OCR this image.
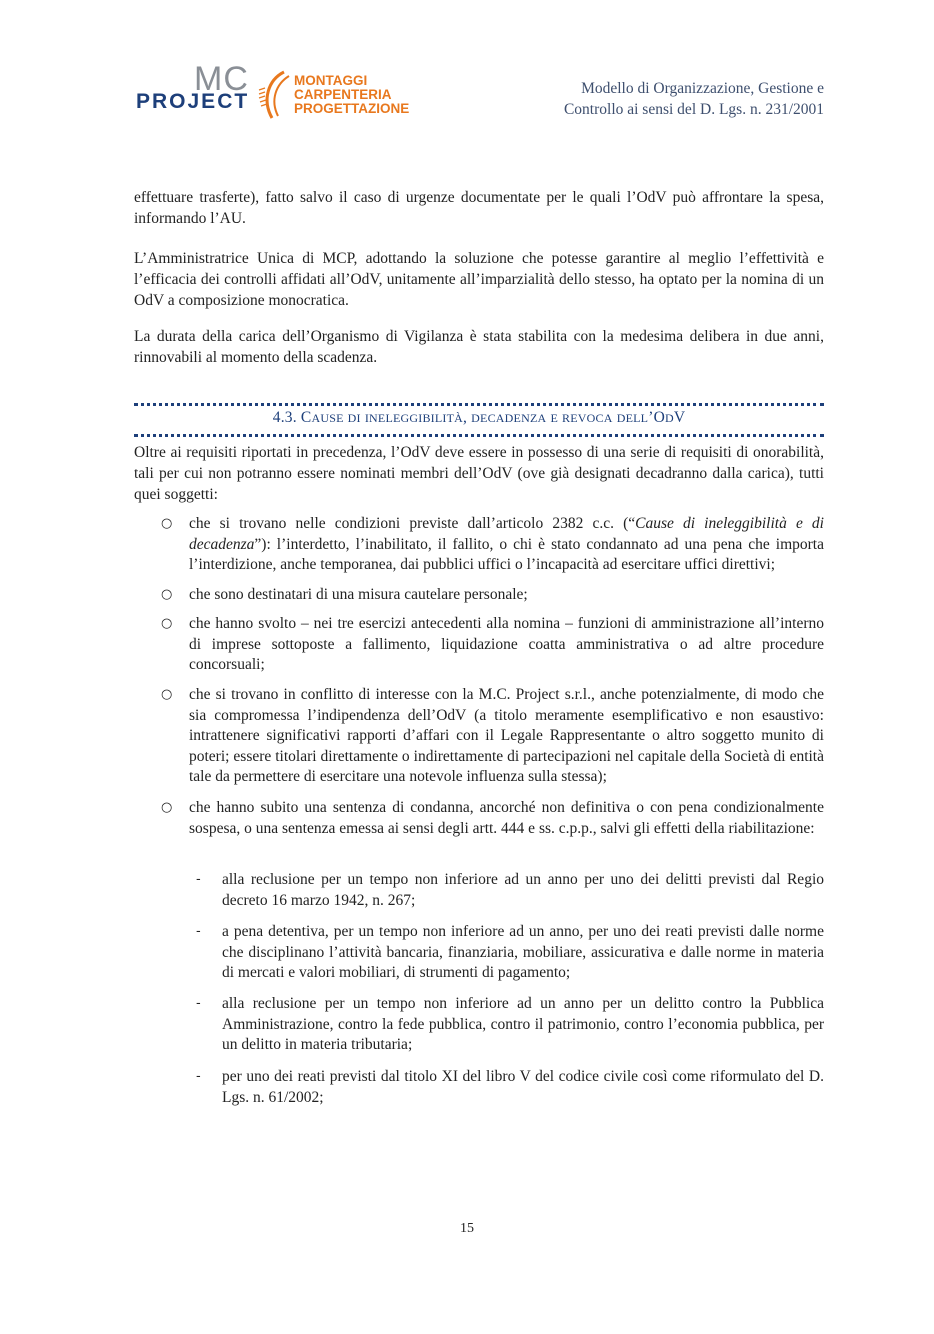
MC
PROJECT
MONTAGGI
CARPENTERIA
PROGETTAZIONE
Modello di Organizzazione, Gestione e
Controllo ai sensi del D. Lgs. n. 231/2001

effettuare trasferte), fatto salvo il caso di urgenze documentate per le quali l’OdV può affrontare la spesa, informando l’AU.

L’Amministratrice Unica di MCP, adottando la soluzione che potesse garantire al meglio l’effettività e l’efficacia dei controlli affidati all’OdV, unitamente all’imparzialità dello stesso, ha optato per la nomina di un OdV a composizione monocratica.

La durata della carica dell’Organismo di Vigilanza è stata stabilita con la medesima delibera in due anni, rinnovabili al momento della scadenza.

4.3. CAUSE DI INELEGGIBILITÀ, DECADENZA E REVOCA DELL’ODV

Oltre ai requisiti riportati in precedenza, l’OdV deve essere in possesso di una serie di requisiti di onorabilità, tali per cui non potranno essere nominati membri dell’OdV (ove già designati decadranno dalla carica), tutti quei soggetti:

○ che si trovano nelle condizioni previste dall’articolo 2382 c.c. (“Cause di ineleggibilità e di decadenza”): l’interdetto, l’inabilitato, il fallito, o chi è stato condannato ad una pena che importa l’interdizione, anche temporanea, dai pubblici uffici o l’incapacità ad esercitare uffici direttivi;
○ che sono destinatari di una misura cautelare personale;
○ che hanno svolto – nei tre esercizi antecedenti alla nomina – funzioni di amministrazione all’interno di imprese sottoposte a fallimento, liquidazione coatta amministrativa o ad altre procedure concorsuali;
○ che si trovano in conflitto di interesse con la M.C. Project s.r.l., anche potenzialmente, di modo che sia compromessa l’indipendenza dell’OdV (a titolo meramente esemplificativo e non esaustivo: intrattenere significativi rapporti d’affari con il Legale Rappresentante o altro soggetto munito di poteri; essere titolari direttamente o indirettamente di partecipazioni nel capitale della Società di entità tale da permettere di esercitare una notevole influenza sulla stessa);
○ che hanno subito una sentenza di condanna, ancorché non definitiva o con pena condizionalmente sospesa, o una sentenza emessa ai sensi degli artt. 444 e ss. c.p.p., salvi gli effetti della riabilitazione:
- alla reclusione per un tempo non inferiore ad un anno per uno dei delitti previsti dal Regio decreto 16 marzo 1942, n. 267;
- a pena detentiva, per un tempo non inferiore ad un anno, per uno dei reati previsti dalle norme che disciplinano l’attività bancaria, finanziaria, mobiliare, assicurativa e dalle norme in materia di mercati e valori mobiliari, di strumenti di pagamento;
- alla reclusione per un tempo non inferiore ad un anno per un delitto contro la Pubblica Amministrazione, contro la fede pubblica, contro il patrimonio, contro l’economia pubblica, per un delitto in materia tributaria;
- per uno dei reati previsti dal titolo XI del libro V del codice civile così come riformulato del D. Lgs. n. 61/2002;
15
